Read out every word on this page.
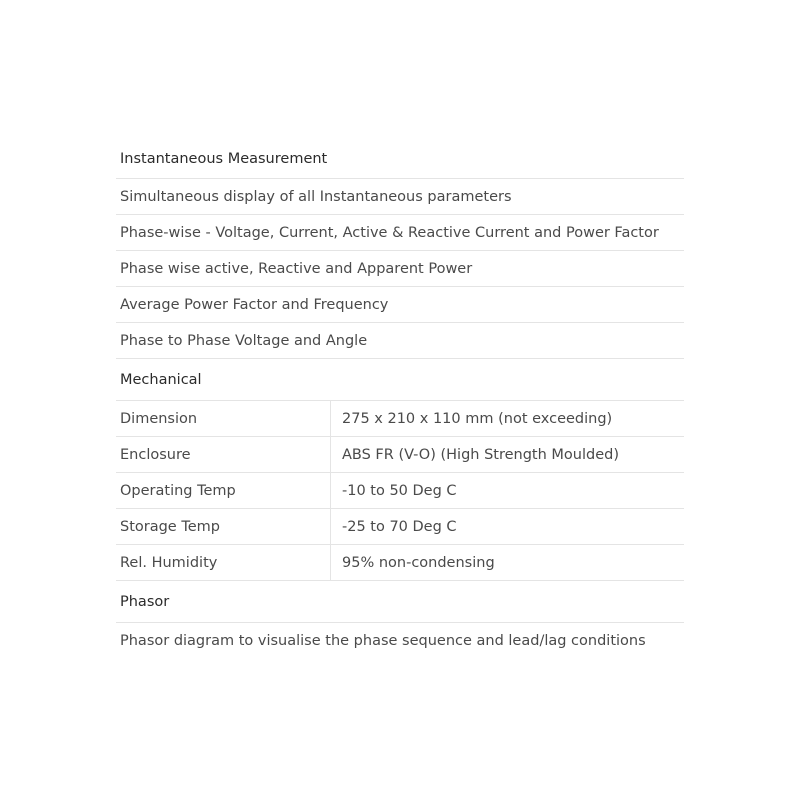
Instantaneous Measurement
Simultaneous display of all Instantaneous parameters
Phase-wise - Voltage, Current, Active & Reactive Current and Power Factor
Phase wise active, Reactive and Apparent Power
Average Power Factor and Frequency
Phase to Phase Voltage and Angle
Mechanical
Dimension	275 x 210 x 110 mm (not exceeding)
Enclosure	ABS FR (V-O) (High Strength Moulded)
Operating Temp	-10 to 50 Deg C
Storage Temp	-25 to 70 Deg C
Rel. Humidity	95% non-condensing
Phasor
Phasor diagram to visualise the phase sequence and lead/lag conditions
